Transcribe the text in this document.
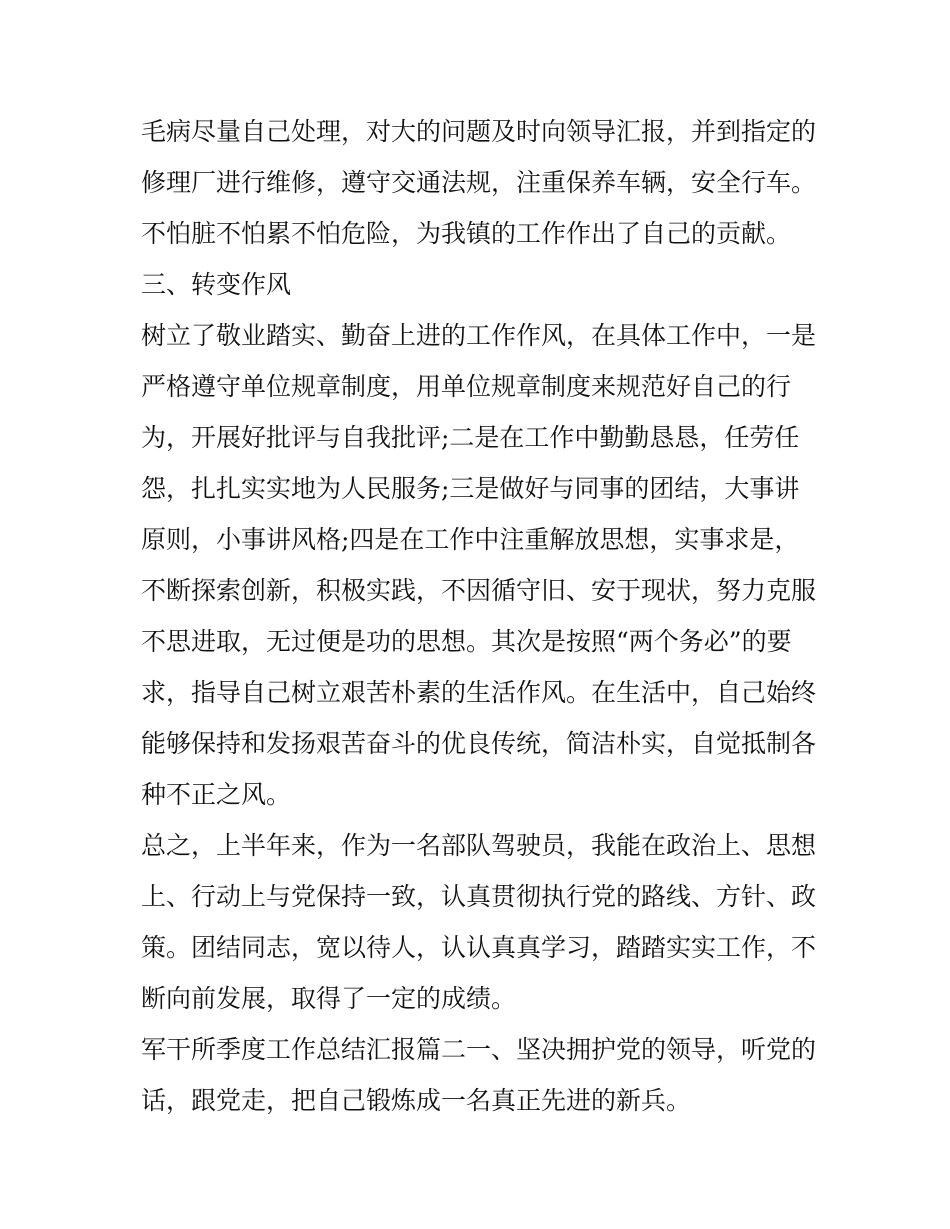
毛病尽量自己处理，对大的问题及时向领导汇报，并到指定的
修理厂进行维修，遵守交通法规，注重保养车辆，安全行车。
不怕脏不怕累不怕危险，为我镇的工作作出了自己的贡献。
三、转变作风
树立了敬业踏实、勤奋上进的工作作风，在具体工作中，一是
严格遵守单位规章制度，用单位规章制度来规范好自己的行
为，开展好批评与自我批评;二是在工作中勤勤恳恳，任劳任
怨，扎扎实实地为人民服务;三是做好与同事的团结，大事讲
原则，小事讲风格;四是在工作中注重解放思想，实事求是，
不断探索创新，积极实践，不因循守旧、安于现状，努力克服
不思进取，无过便是功的思想。其次是按照“两个务必”的要
求，指导自己树立艰苦朴素的生活作风。在生活中，自己始终
能够保持和发扬艰苦奋斗的优良传统，简洁朴实，自觉抵制各
种不正之风。
总之，上半年来，作为一名部队驾驶员，我能在政治上、思想
上、行动上与党保持一致，认真贯彻执行党的路线、方针、政
策。团结同志，宽以待人，认认真真学习，踏踏实实工作，不
断向前发展，取得了一定的成绩。
军干所季度工作总结汇报篇二一、坚决拥护党的领导，听党的
话，跟党走，把自己锻炼成一名真正先进的新兵。
